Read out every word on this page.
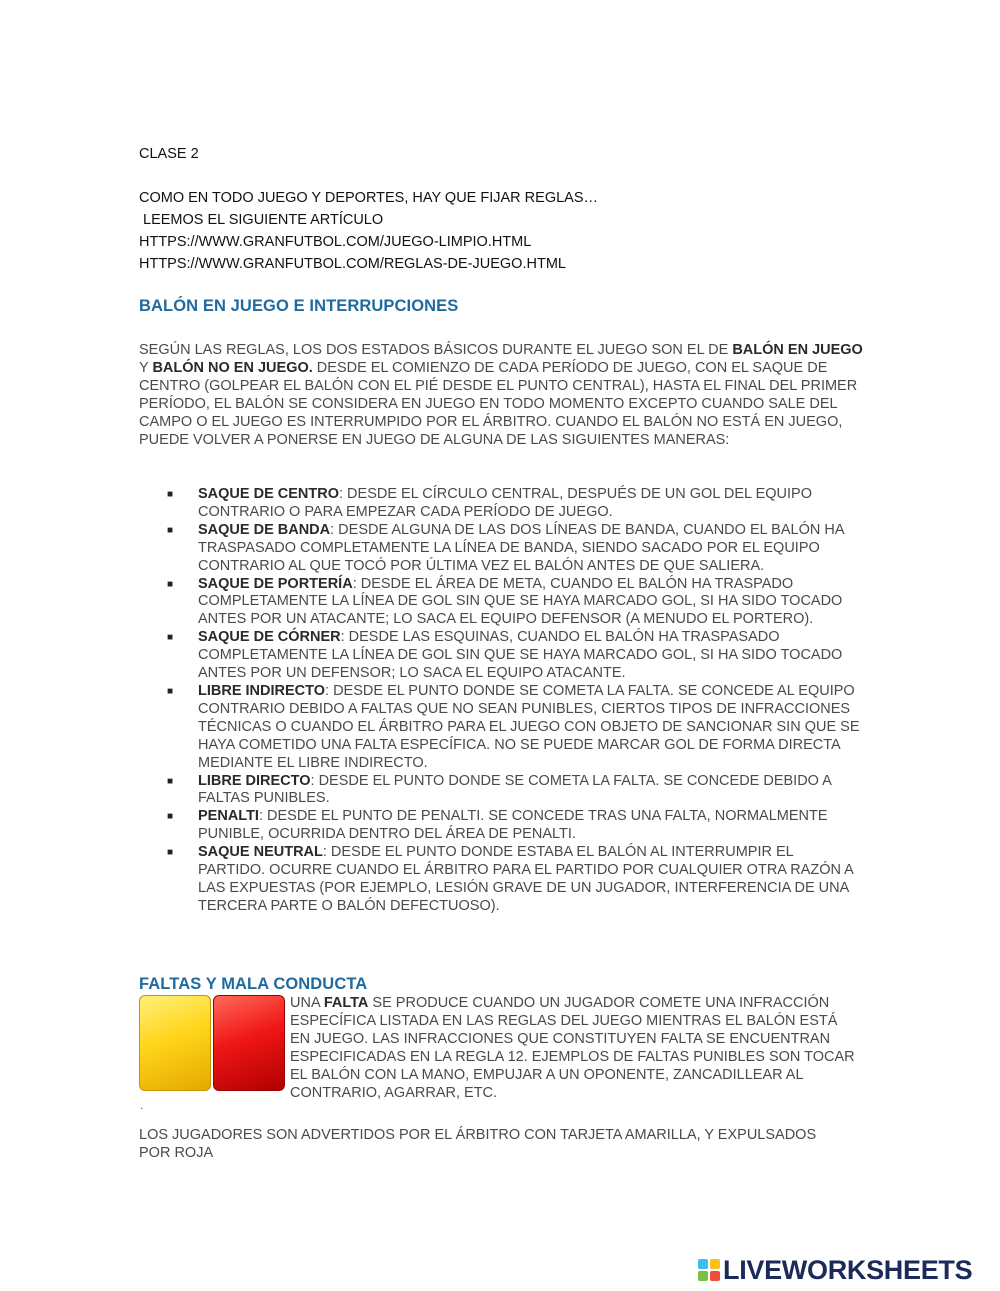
CLASE 2
COMO EN TODO JUEGO Y DEPORTES, HAY QUE FIJAR REGLAS…
LEEMOS EL SIGUIENTE ARTÍCULO
HTTPS://WWW.GRANFUTBOL.COM/JUEGO-LIMPIO.HTML
HTTPS://WWW.GRANFUTBOL.COM/REGLAS-DE-JUEGO.HTML
BALÓN EN JUEGO E INTERRUPCIONES
SEGÚN LAS REGLAS, LOS DOS ESTADOS BÁSICOS DURANTE EL JUEGO SON EL DE BALÓN EN JUEGO Y BALÓN NO EN JUEGO. DESDE EL COMIENZO DE CADA PERÍODO DE JUEGO, CON EL SAQUE DE CENTRO (GOLPEAR EL BALÓN CON EL PIÉ DESDE EL PUNTO CENTRAL), HASTA EL FINAL DEL PRIMER PERÍODO, EL BALÓN SE CONSIDERA EN JUEGO EN TODO MOMENTO EXCEPTO CUANDO SALE DEL CAMPO O EL JUEGO ES INTERRUMPIDO POR EL ÁRBITRO. CUANDO EL BALÓN NO ESTÁ EN JUEGO, PUEDE VOLVER A PONERSE EN JUEGO DE ALGUNA DE LAS SIGUIENTES MANERAS:
■ SAQUE DE CENTRO: DESDE EL CÍRCULO CENTRAL, DESPUÉS DE UN GOL DEL EQUIPO CONTRARIO O PARA EMPEZAR CADA PERÍODO DE JUEGO.
■ SAQUE DE BANDA: DESDE ALGUNA DE LAS DOS LÍNEAS DE BANDA, CUANDO EL BALÓN HA TRASPASADO COMPLETAMENTE LA LÍNEA DE BANDA, SIENDO SACADO POR EL EQUIPO CONTRARIO AL QUE TOCÓ POR ÚLTIMA VEZ EL BALÓN ANTES DE QUE SALIERA.
■ SAQUE DE PORTERÍA: DESDE EL ÁREA DE META, CUANDO EL BALÓN HA TRASPADO COMPLETAMENTE LA LÍNEA DE GOL SIN QUE SE HAYA MARCADO GOL, SI HA SIDO TOCADO ANTES POR UN ATACANTE; LO SACA EL EQUIPO DEFENSOR (A MENUDO EL PORTERO).
■ SAQUE DE CÓRNER: DESDE LAS ESQUINAS, CUANDO EL BALÓN HA TRASPASADO COMPLETAMENTE LA LÍNEA DE GOL SIN QUE SE HAYA MARCADO GOL, SI HA SIDO TOCADO ANTES POR UN DEFENSOR; LO SACA EL EQUIPO ATACANTE.
■ LIBRE INDIRECTO: DESDE EL PUNTO DONDE SE COMETA LA FALTA. SE CONCEDE AL EQUIPO CONTRARIO DEBIDO A FALTAS QUE NO SEAN PUNIBLES, CIERTOS TIPOS DE INFRACCIONES TÉCNICAS O CUANDO EL ÁRBITRO PARA EL JUEGO CON OBJETO DE SANCIONAR SIN QUE SE HAYA COMETIDO UNA FALTA ESPECÍFICA. NO SE PUEDE MARCAR GOL DE FORMA DIRECTA MEDIANTE EL LIBRE INDIRECTO.
■ LIBRE DIRECTO: DESDE EL PUNTO DONDE SE COMETA LA FALTA. SE CONCEDE DEBIDO A FALTAS PUNIBLES.
■ PENALTI: DESDE EL PUNTO DE PENALTI. SE CONCEDE TRAS UNA FALTA, NORMALMENTE PUNIBLE, OCURRIDA DENTRO DEL ÁREA DE PENALTI.
■ SAQUE NEUTRAL: DESDE EL PUNTO DONDE ESTABA EL BALÓN AL INTERRUMPIR EL PARTIDO. OCURRE CUANDO EL ÁRBITRO PARA EL PARTIDO POR CUALQUIER OTRA RAZÓN A LAS EXPUESTAS (POR EJEMPLO, LESIÓN GRAVE DE UN JUGADOR, INTERFERENCIA DE UNA TERCERA PARTE O BALÓN DEFECTUOSO).
FALTAS Y MALA CONDUCTA
UNA FALTA SE PRODUCE CUANDO UN JUGADOR COMETE UNA INFRACCIÓN ESPECÍFICA LISTADA EN LAS REGLAS DEL JUEGO MIENTRAS EL BALÓN ESTÁ EN JUEGO. LAS INFRACCIONES QUE CONSTITUYEN FALTA SE ENCUENTRAN ESPECIFICADAS EN LA REGLA 12. EJEMPLOS DE FALTAS PUNIBLES SON TOCAR EL BALÓN CON LA MANO, EMPUJAR A UN OPONENTE, ZANCADILLEAR AL CONTRARIO, AGARRAR, ETC.
.
LOS JUGADORES SON ADVERTIDOS POR EL ÁRBITRO CON TARJETA AMARILLA, Y EXPULSADOS POR ROJA
LIVEWORKSHEETS
